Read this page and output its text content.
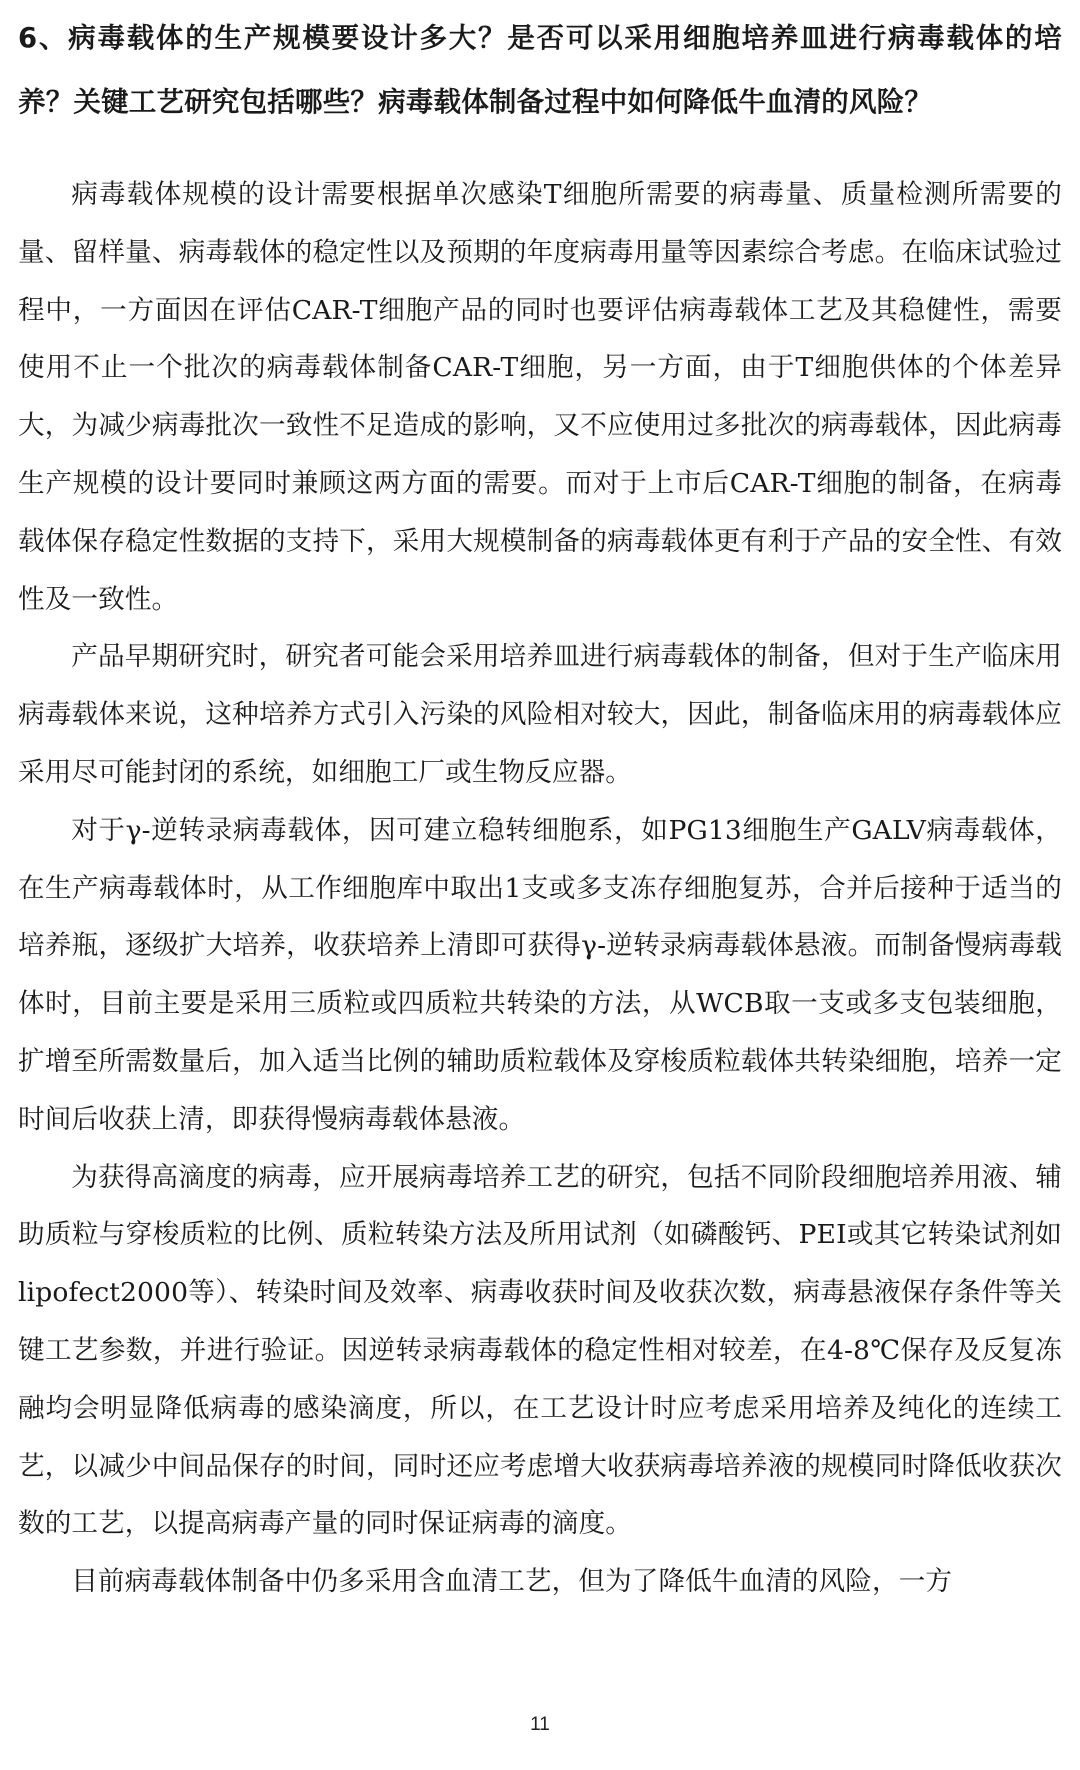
6、病毒载体的生产规模要设计多大？是否可以采用细胞培养皿进行病毒载体的培养？关键工艺研究包括哪些？病毒载体制备过程中如何降低牛血清的风险？

病毒载体规模的设计需要根据单次感染T细胞所需要的病毒量、质量检测所需要的量、留样量、病毒载体的稳定性以及预期的年度病毒用量等因素综合考虑。在临床试验过程中，一方面因在评估CAR-T细胞产品的同时也要评估病毒载体工艺及其稳健性，需要使用不止一个批次的病毒载体制备CAR-T细胞，另一方面，由于T细胞供体的个体差异大，为减少病毒批次一致性不足造成的影响，又不应使用过多批次的病毒载体，因此病毒生产规模的设计要同时兼顾这两方面的需要。而对于上市后CAR-T细胞的制备，在病毒载体保存稳定性数据的支持下，采用大规模制备的病毒载体更有利于产品的安全性、有效性及一致性。

产品早期研究时，研究者可能会采用培养皿进行病毒载体的制备，但对于生产临床用病毒载体来说，这种培养方式引入污染的风险相对较大，因此，制备临床用的病毒载体应采用尽可能封闭的系统，如细胞工厂或生物反应器。

对于γ-逆转录病毒载体，因可建立稳转细胞系，如PG13细胞生产GALV病毒载体，在生产病毒载体时，从工作细胞库中取出1支或多支冻存细胞复苏，合并后接种于适当的培养瓶，逐级扩大培养，收获培养上清即可获得γ-逆转录病毒载体悬液。而制备慢病毒载体时，目前主要是采用三质粒或四质粒共转染的方法，从WCB取一支或多支包装细胞，扩增至所需数量后，加入适当比例的辅助质粒载体及穿梭质粒载体共转染细胞，培养一定时间后收获上清，即获得慢病毒载体悬液。

为获得高滴度的病毒，应开展病毒培养工艺的研究，包括不同阶段细胞培养用液、辅助质粒与穿梭质粒的比例、质粒转染方法及所用试剂（如磷酸钙、PEI或其它转染试剂如lipofect2000等）、转染时间及效率、病毒收获时间及收获次数，病毒悬液保存条件等关键工艺参数，并进行验证。因逆转录病毒载体的稳定性相对较差，在4-8℃保存及反复冻融均会明显降低病毒的感染滴度，所以，在工艺设计时应考虑采用培养及纯化的连续工艺，以减少中间品保存的时间，同时还应考虑增大收获病毒培养液的规模同时降低收获次数的工艺，以提高病毒产量的同时保证病毒的滴度。

目前病毒载体制备中仍多采用含血清工艺，但为了降低牛血清的风险，一方

11
